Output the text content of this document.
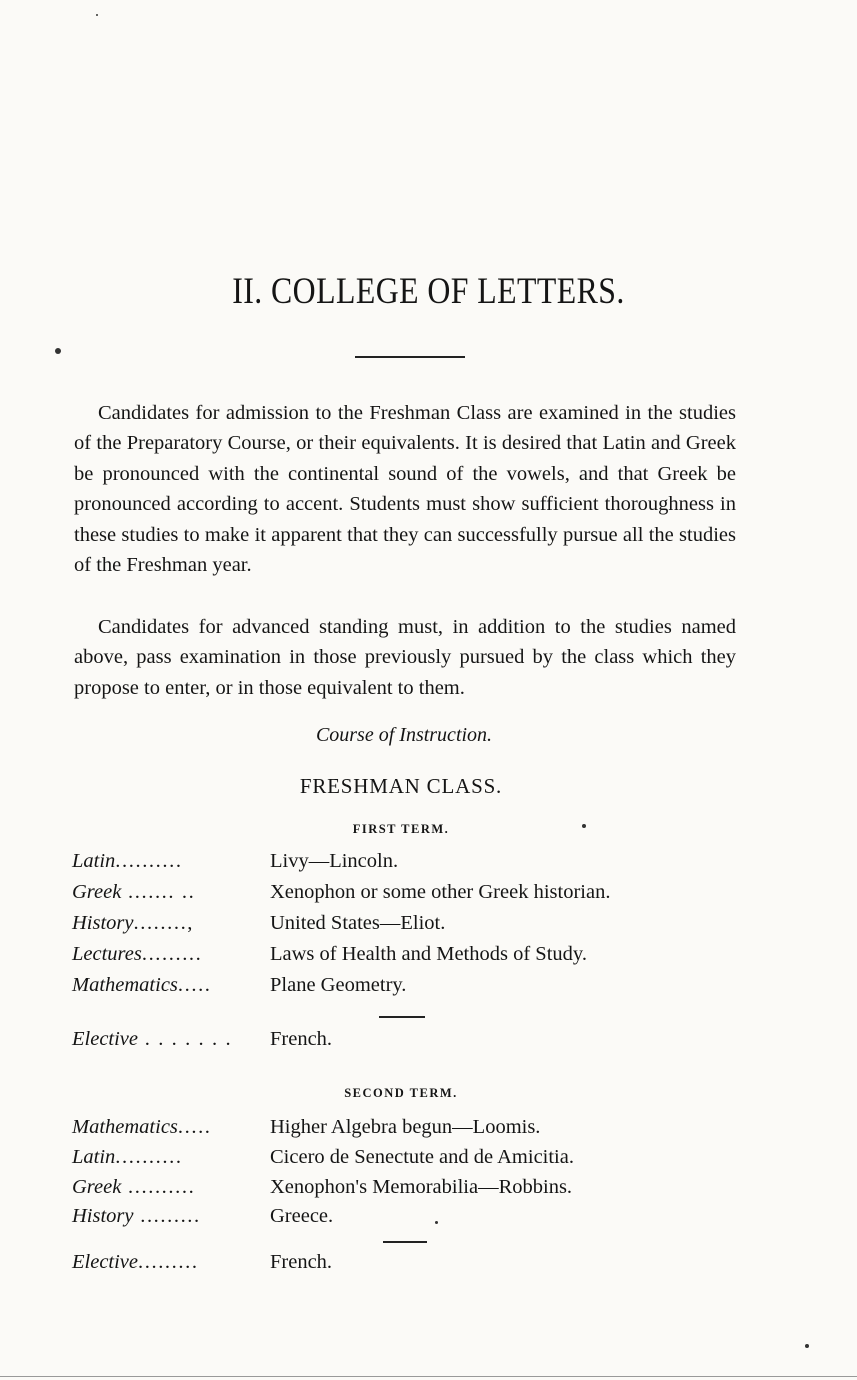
II. COLLEGE OF LETTERS.

Candidates for admission to the Freshman Class are examined in the studies of the Preparatory Course, or their equivalents. It is desired that Latin and Greek be pronounced with the continental sound of the vowels, and that Greek be pronounced according to accent. Students must show sufficient thoroughness in these studies to make it apparent that they can successfully pursue all the studies of the Freshman year.

Candidates for advanced standing must, in addition to the studies named above, pass examination in those previously pursued by the class which they propose to enter, or in those equivalent to them.

Course of Instruction.
FRESHMAN CLASS.
FIRST TERM.
Latin..........	Livy—Lincoln.
Greek ....... ..	Xenophon or some other Greek historian.
History........,	United States—Eliot.
Lectures.........	Laws of Health and Methods of Study.
Mathematics.....	Plane Geometry.
Elective . . . . . . .	French.
SECOND TERM.
Mathematics.....	Higher Algebra begun—Loomis.
Latin..........	Cicero de Senectute and de Amicitia.
Greek ..........	Xenophon's Memorabilia—Robbins.
History .........	Greece.
Elective.........	French.
